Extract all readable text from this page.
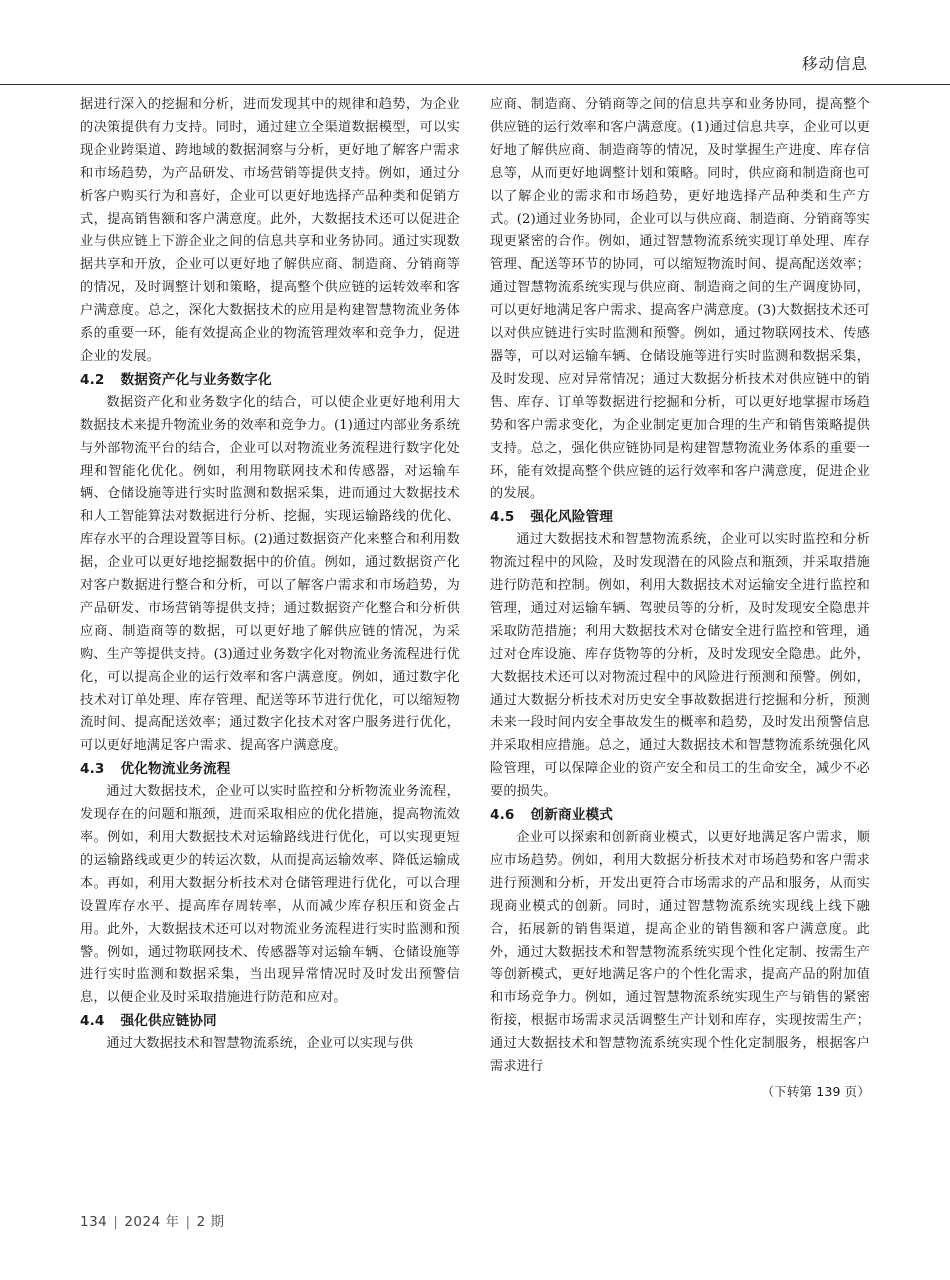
移动信息

据进行深入的挖掘和分析，进而发现其中的规律和趋势，为企业的决策提供有力支持。同时，通过建立全渠道数据模型，可以实现企业跨渠道、跨地域的数据洞察与分析，更好地了解客户需求和市场趋势，为产品研发、市场营销等提供支持。例如，通过分析客户购买行为和喜好，企业可以更好地选择产品种类和促销方式，提高销售额和客户满意度。此外，大数据技术还可以促进企业与供应链上下游企业之间的信息共享和业务协同。通过实现数据共享和开放，企业可以更好地了解供应商、制造商、分销商等的情况，及时调整计划和策略，提高整个供应链的运转效率和客户满意度。总之，深化大数据技术的应用是构建智慧物流业务体系的重要一环，能有效提高企业的物流管理效率和竞争力，促进企业的发展。

4.2 数据资产化与业务数字化

数据资产化和业务数字化的结合，可以使企业更好地利用大数据技术来提升物流业务的效率和竞争力。(1)通过内部业务系统与外部物流平台的结合，企业可以对物流业务流程进行数字化处理和智能化优化。例如，利用物联网技术和传感器，对运输车辆、仓储设施等进行实时监测和数据采集，进而通过大数据技术和人工智能算法对数据进行分析、挖掘，实现运输路线的优化、库存水平的合理设置等目标。(2)通过数据资产化来整合和利用数据，企业可以更好地挖掘数据中的价值。例如，通过数据资产化对客户数据进行整合和分析，可以了解客户需求和市场趋势，为产品研发、市场营销等提供支持；通过数据资产化整合和分析供应商、制造商等的数据，可以更好地了解供应链的情况，为采购、生产等提供支持。(3)通过业务数字化对物流业务流程进行优化，可以提高企业的运行效率和客户满意度。例如，通过数字化技术对订单处理、库存管理、配送等环节进行优化，可以缩短物流时间、提高配送效率；通过数字化技术对客户服务进行优化，可以更好地满足客户需求、提高客户满意度。

4.3 优化物流业务流程

通过大数据技术，企业可以实时监控和分析物流业务流程，发现存在的问题和瓶颈，进而采取相应的优化措施，提高物流效率。例如，利用大数据技术对运输路线进行优化，可以实现更短的运输路线或更少的转运次数，从而提高运输效率、降低运输成本。再如，利用大数据分析技术对仓储管理进行优化，可以合理设置库存水平、提高库存周转率，从而减少库存积压和资金占用。此外，大数据技术还可以对物流业务流程进行实时监测和预警。例如，通过物联网技术、传感器等对运输车辆、仓储设施等进行实时监测和数据采集，当出现异常情况时及时发出预警信息，以便企业及时采取措施进行防范和应对。

4.4 强化供应链协同

通过大数据技术和智慧物流系统，企业可以实现与供

应商、制造商、分销商等之间的信息共享和业务协同，提高整个供应链的运行效率和客户满意度。(1)通过信息共享，企业可以更好地了解供应商、制造商等的情况，及时掌握生产进度、库存信息等，从而更好地调整计划和策略。同时，供应商和制造商也可以了解企业的需求和市场趋势，更好地选择产品种类和生产方式。(2)通过业务协同，企业可以与供应商、制造商、分销商等实现更紧密的合作。例如，通过智慧物流系统实现订单处理、库存管理、配送等环节的协同，可以缩短物流时间、提高配送效率；通过智慧物流系统实现与供应商、制造商之间的生产调度协同，可以更好地满足客户需求、提高客户满意度。(3)大数据技术还可以对供应链进行实时监测和预警。例如，通过物联网技术、传感器等，可以对运输车辆、仓储设施等进行实时监测和数据采集，及时发现、应对异常情况；通过大数据分析技术对供应链中的销售、库存、订单等数据进行挖掘和分析，可以更好地掌握市场趋势和客户需求变化，为企业制定更加合理的生产和销售策略提供支持。总之，强化供应链协同是构建智慧物流业务体系的重要一环，能有效提高整个供应链的运行效率和客户满意度，促进企业的发展。

4.5 强化风险管理

通过大数据技术和智慧物流系统，企业可以实时监控和分析物流过程中的风险，及时发现潜在的风险点和瓶颈，并采取措施进行防范和控制。例如，利用大数据技术对运输安全进行监控和管理，通过对运输车辆、驾驶员等的分析，及时发现安全隐患并采取防范措施；利用大数据技术对仓储安全进行监控和管理，通过对仓库设施、库存货物等的分析，及时发现安全隐患。此外，大数据技术还可以对物流过程中的风险进行预测和预警。例如，通过大数据分析技术对历史安全事故数据进行挖掘和分析，预测未来一段时间内安全事故发生的概率和趋势，及时发出预警信息并采取相应措施。总之，通过大数据技术和智慧物流系统强化风险管理，可以保障企业的资产安全和员工的生命安全，减少不必要的损失。

4.6 创新商业模式

企业可以探索和创新商业模式，以更好地满足客户需求，顺应市场趋势。例如，利用大数据分析技术对市场趋势和客户需求进行预测和分析，开发出更符合市场需求的产品和服务，从而实现商业模式的创新。同时，通过智慧物流系统实现线上线下融合，拓展新的销售渠道，提高企业的销售额和客户满意度。此外，通过大数据技术和智慧物流系统实现个性化定制、按需生产等创新模式，更好地满足客户的个性化需求，提高产品的附加值和市场竞争力。例如，通过智慧物流系统实现生产与销售的紧密衔接，根据市场需求灵活调整生产计划和库存，实现按需生产；通过大数据技术和智慧物流系统实现个性化定制服务，根据客户需求进行

（下转第 139 页）
134 | 2024 年 | 2 期
